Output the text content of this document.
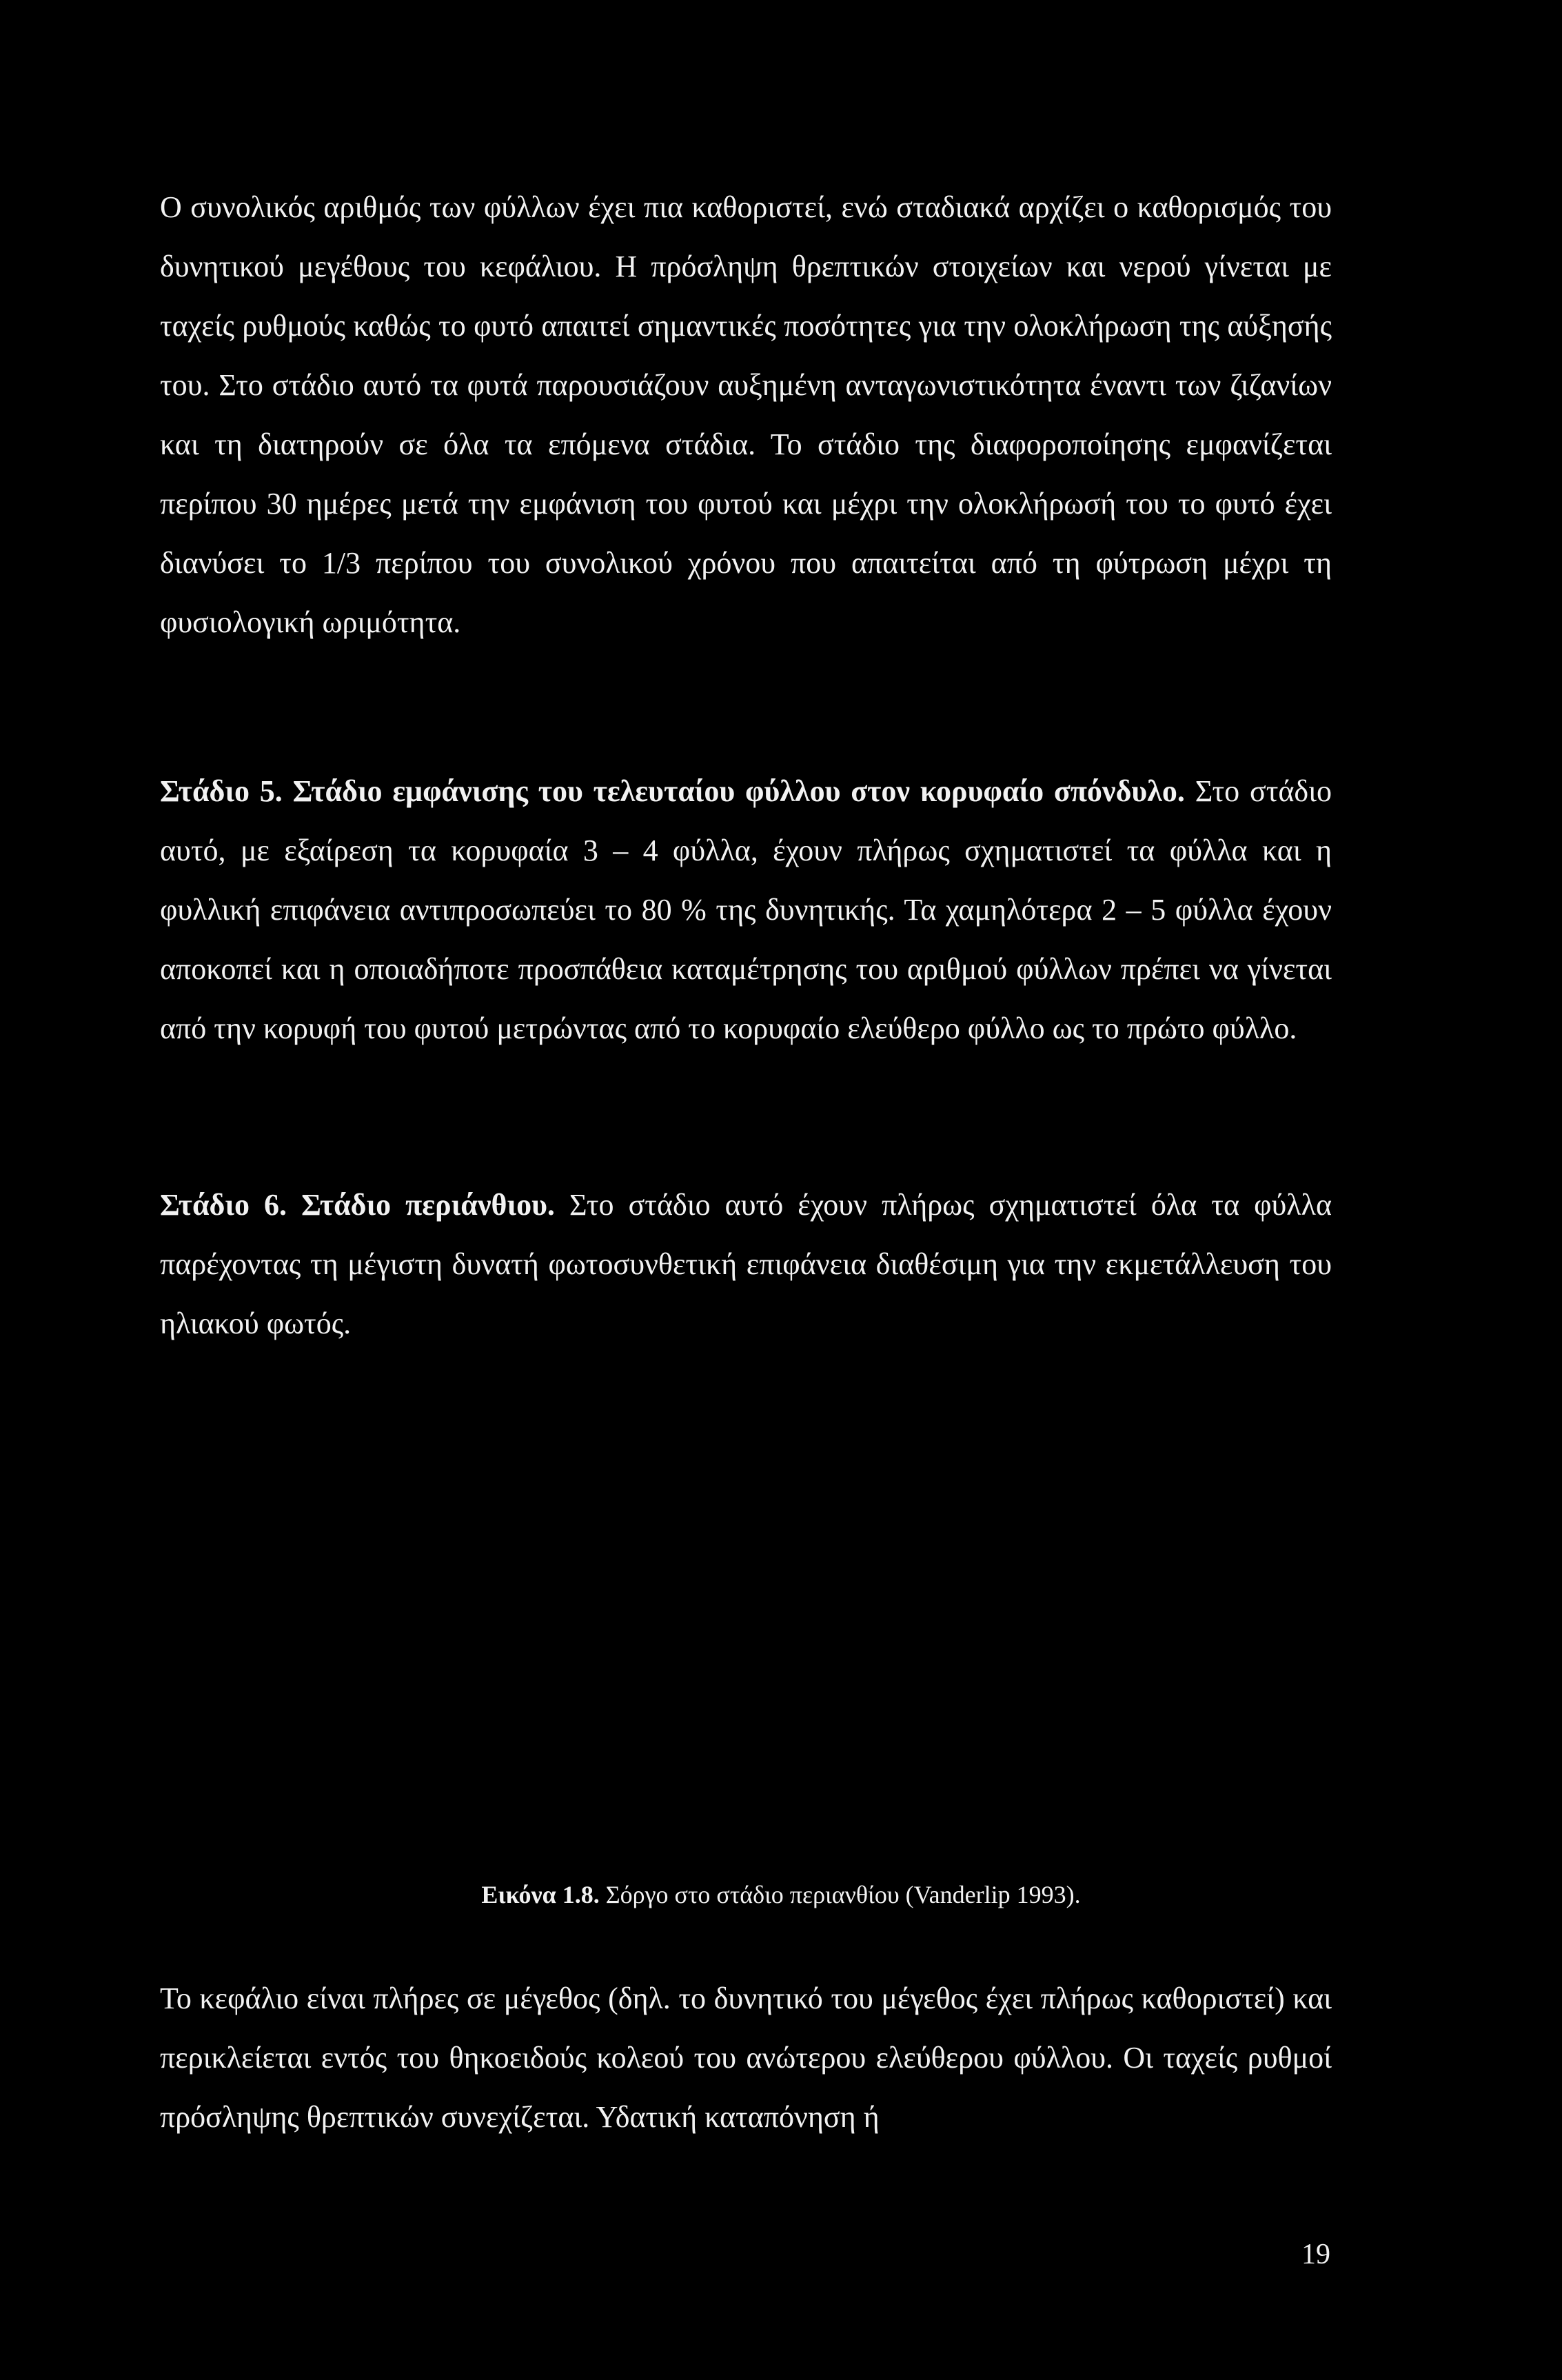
Ο συνολικός αριθμός των φύλλων έχει πια καθοριστεί, ενώ σταδιακά αρχίζει ο καθορισμός του δυνητικού μεγέθους του κεφάλιου. Η πρόσληψη θρεπτικών στοιχείων και νερού γίνεται με ταχείς ρυθμούς καθώς το φυτό απαιτεί σημαντικές ποσότητες για την ολοκλήρωση της αύξησής του. Στο στάδιο αυτό τα φυτά παρουσιάζουν αυξημένη ανταγωνιστικότητα έναντι των ζιζανίων και τη διατηρούν σε όλα τα επόμενα στάδια. Το στάδιο της διαφοροποίησης εμφανίζεται περίπου 30 ημέρες μετά την εμφάνιση του φυτού και μέχρι την ολοκλήρωσή του το φυτό έχει διανύσει το 1/3 περίπου του συνολικού χρόνου που απαιτείται από τη φύτρωση μέχρι τη φυσιολογική ωριμότητα.

Στάδιο 5. Στάδιο εμφάνισης του τελευταίου φύλλου στον κορυφαίο σπόνδυλο. Στο στάδιο αυτό, με εξαίρεση τα κορυφαία 3 – 4 φύλλα, έχουν πλήρως σχηματιστεί τα φύλλα και η φυλλική επιφάνεια αντιπροσωπεύει το 80 % της δυνητικής. Τα χαμηλότερα 2 – 5 φύλλα έχουν αποκοπεί και η οποιαδήποτε προσπάθεια καταμέτρησης του αριθμού φύλλων πρέπει να γίνεται από την κορυφή του φυτού μετρώντας από το κορυφαίο ελεύθερο φύλλο ως το πρώτο φύλλο.

Στάδιο 6. Στάδιο περιάνθιου. Στο στάδιο αυτό έχουν πλήρως σχηματιστεί όλα τα φύλλα παρέχοντας τη μέγιστη δυνατή φωτοσυνθετική επιφάνεια διαθέσιμη για την εκμετάλλευση του ηλιακού φωτός.

Εικόνα 1.8. Σόργο στο στάδιο περιανθίου (Vanderlip 1993).

Το κεφάλιο είναι πλήρες σε μέγεθος (δηλ. το δυνητικό του μέγεθος έχει πλήρως καθοριστεί) και περικλείεται εντός του θηκοειδούς κολεού του ανώτερου ελεύθερου φύλλου. Οι ταχείς ρυθμοί πρόσληψης θρεπτικών συνεχίζεται. Υδατική καταπόνηση ή

19
